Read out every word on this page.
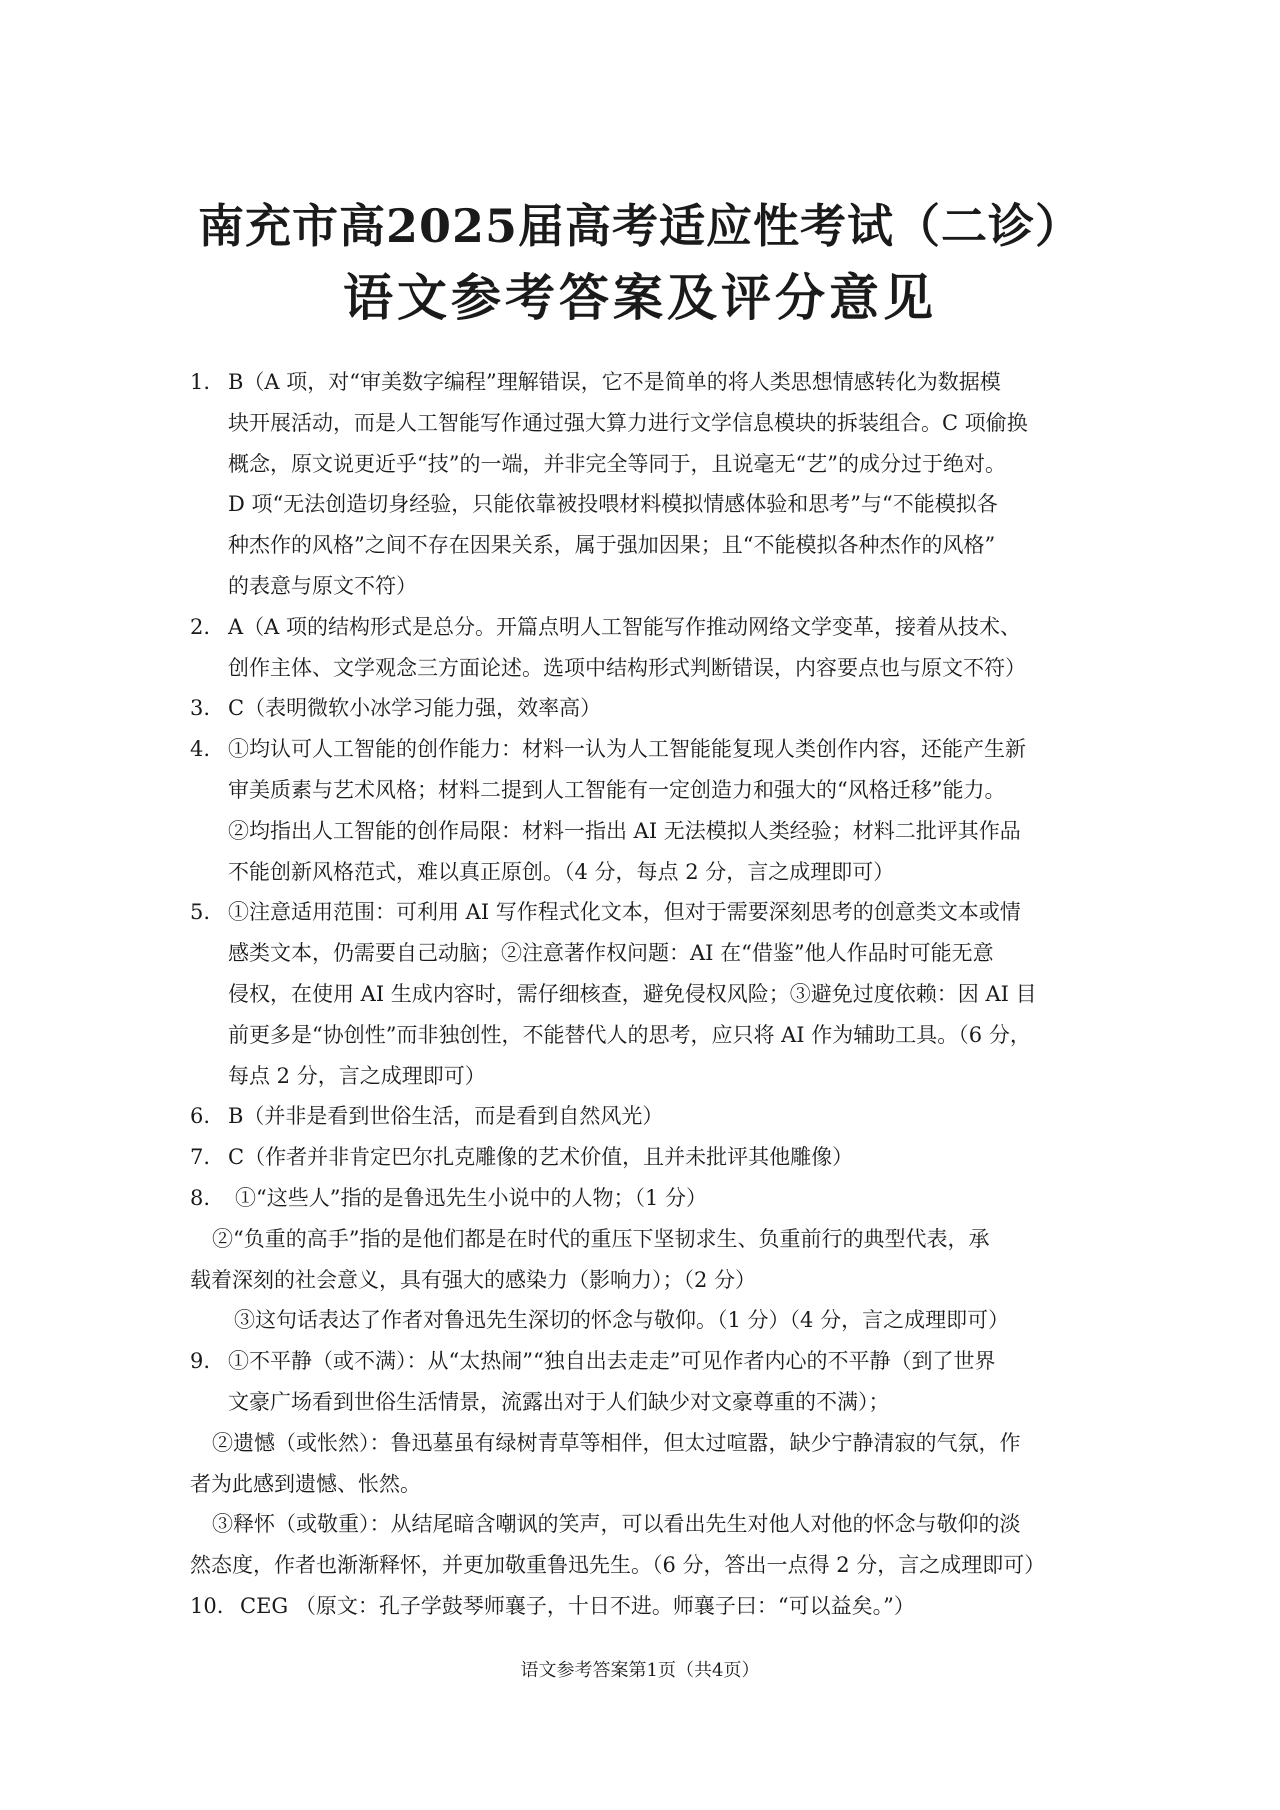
南充市高2025届高考适应性考试（二诊）
语文参考答案及评分意见
1. B（A 项，对“审美数字编程”理解错误，它不是简单的将人类思想情感转化为数据模
块开展活动，而是人工智能写作通过强大算力进行文学信息模块的拆装组合。C 项偷换
概念，原文说更近乎“技”的一端，并非完全等同于，且说毫无“艺”的成分过于绝对。
D 项“无法创造切身经验，只能依靠被投喂材料模拟情感体验和思考”与“不能模拟各
种杰作的风格”之间不存在因果关系，属于强加因果；且“不能模拟各种杰作的风格”
的表意与原文不符）
2. A（A 项的结构形式是总分。开篇点明人工智能写作推动网络文学变革，接着从技术、
创作主体、文学观念三方面论述。选项中结构形式判断错误，内容要点也与原文不符）
3. C（表明微软小冰学习能力强，效率高）
4. ①均认可人工智能的创作能力：材料一认为人工智能能复现人类创作内容，还能产生新
审美质素与艺术风格；材料二提到人工智能有一定创造力和强大的“风格迁移”能力。
②均指出人工智能的创作局限：材料一指出 AI 无法模拟人类经验；材料二批评其作品
不能创新风格范式，难以真正原创。（4 分，每点 2 分，言之成理即可）
5. ①注意适用范围：可利用 AI 写作程式化文本，但对于需要深刻思考的创意类文本或情
感类文本，仍需要自己动脑；②注意著作权问题：AI 在“借鉴”他人作品时可能无意
侵权，在使用 AI 生成内容时，需仔细核查，避免侵权风险；③避免过度依赖：因 AI 目
前更多是“协创性”而非独创性，不能替代人的思考，应只将 AI 作为辅助工具。（6 分，
每点 2 分，言之成理即可）
6. B（并非是看到世俗生活，而是看到自然风光）
7. C（作者并非肯定巴尔扎克雕像的艺术价值，且并未批评其他雕像）
8.	①“这些人”指的是鲁迅先生小说中的人物；（1 分）
②“负重的高手”指的是他们都是在时代的重压下坚韧求生、负重前行的典型代表，承
载着深刻的社会意义，具有强大的感染力（影响力）；（2 分）
③这句话表达了作者对鲁迅先生深切的怀念与敬仰。（1 分）（4 分，言之成理即可）
9. ①不平静（或不满）：从“太热闹”“独自出去走走”可见作者内心的不平静（到了世界
文豪广场看到世俗生活情景，流露出对于人们缺少对文豪尊重的不满）；
②遗憾（或怅然）：鲁迅墓虽有绿树青草等相伴，但太过喧嚣，缺少宁静清寂的气氛，作
者为此感到遗憾、怅然。
③释怀（或敬重）：从结尾暗含嘲讽的笑声，可以看出先生对他人对他的怀念与敬仰的淡
然态度，作者也渐渐释怀，并更加敬重鲁迅先生。（6 分，答出一点得 2 分，言之成理即可）
10. CEG （原文：孔子学鼓琴师襄子，十日不进。师襄子曰：“可以益矣。”）
语文参考答案第1页（共4页）
